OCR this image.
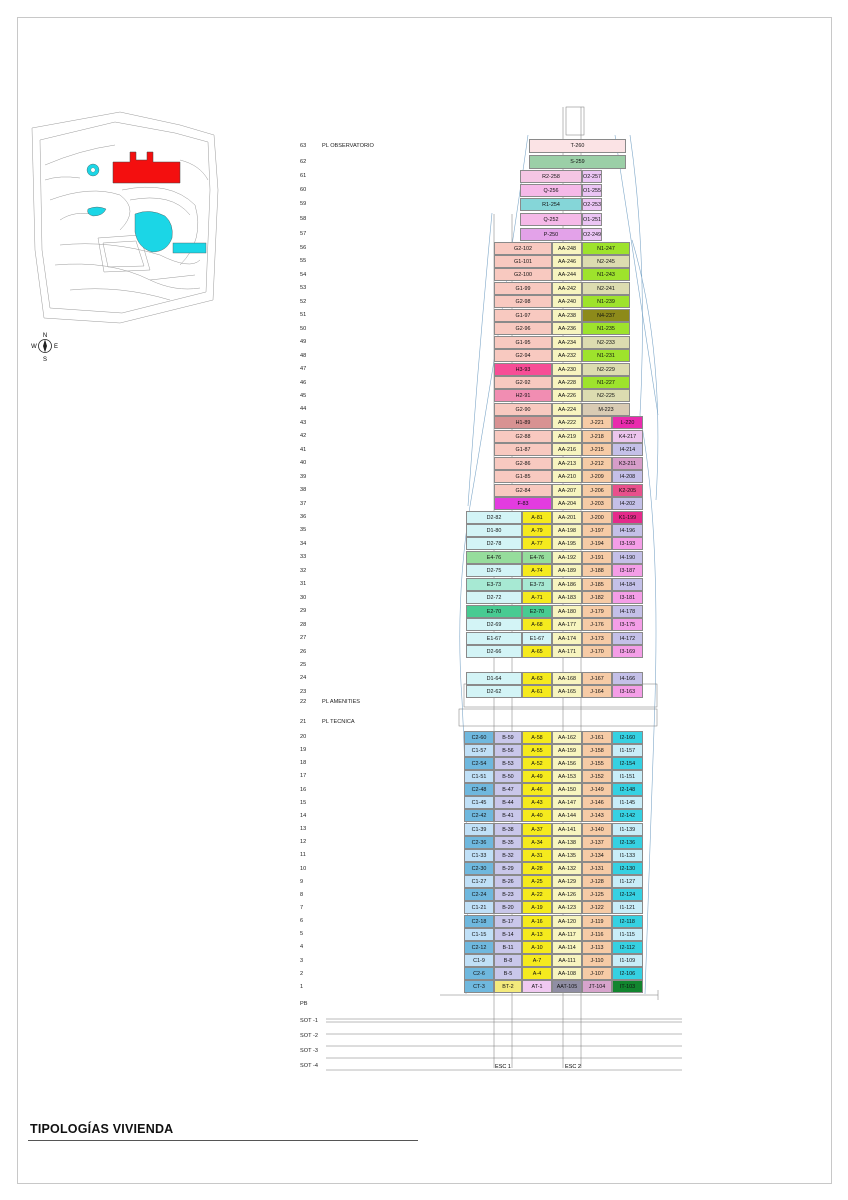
N
S
E
W
ESC 1	ESC 2
63	PL OBSERVATORIO
62
61
60
59
58
57
56
55
54
53
52
51
50
49
48
47
46
45
44
43
42
41
40
39
38
37
36
35
34
33
32
31
30
29
28
27
26
25
24
23
22	PL AMENITIES
21	PL TECNICA
20
19
18
17
16
15
14
13
12
11
10
9
8
7
6
5
4
3
2
1
PB
SOT -1
SOT -2
SOT -3
SOT -4
T-260
S-259
R2-258	O2-257
Q-256	O1-255
R1-254	O2-253
Q-252	O1-251
P-250	O2-249
G2-102	AA-248	N1-247
G1-101	AA-246	N2-245
G2-100	AA-244	N1-243
G1-99	AA-242	N2-241
G2-98	AA-240	N1-239
G1-97	AA-238	N4-237
G2-96	AA-236	N1-235
G1-95	AA-234	N2-233
G2-94	AA-232	N1-231
H3-93	AA-230	N2-229
G2-92	AA-228	N1-227
H2-91	AA-226	N2-225
G2-90	AA-224	M-223
H1-89	AA-222	J-221	L-220
G2-88	AA-219	J-218	K4-217
G1-87	AA-216	J-215	I4-214
G2-86	AA-213	J-212	K3-211
G1-85	AA-210	J-209	I4-208
G2-84	AA-207	J-206	K2-205
F-83	AA-204	J-203	I4-202
D2-82	A-81	AA-201	J-200	K1-199
D1-80	A-79	AA-198	J-197	I4-196
D2-78	A-77	AA-195	J-194	I3-193
E4-76	E4-76	AA-192	J-191	I4-190
D2-75	A-74	AA-189	J-188	I3-187
E3-73	E3-73	AA-186	J-185	I4-184
D2-72	A-71	AA-183	J-182	I3-181
E2-70	E2-70	AA-180	J-179	I4-178
D2-69	A-68	AA-177	J-176	I3-175
E1-67	E1-67	AA-174	J-173	I4-172
D2-66	A-65	AA-171	J-170	I3-169
D1-64	A-63	AA-168	J-167	I4-166
D2-62	A-61	AA-165	J-164	I3-163
C2-60	B-59	A-58	AA-162	J-161	I2-160
C1-57	B-56	A-55	AA-159	J-158	I1-157
C2-54	B-53	A-52	AA-156	J-155	I2-154
C1-51	B-50	A-49	AA-153	J-152	I1-151
C2-48	B-47	A-46	AA-150	J-149	I2-148
C1-45	B-44	A-43	AA-147	J-146	I1-145
C2-42	B-41	A-40	AA-144	J-143	I2-142
C1-39	B-38	A-37	AA-141	J-140	I1-139
C2-36	B-35	A-34	AA-138	J-137	I2-136
C1-33	B-32	A-31	AA-135	J-134	I1-133
C2-30	B-29	A-28	AA-132	J-131	I2-130
C1-27	B-26	A-25	AA-129	J-128	I1-127
C2-24	B-23	A-22	AA-126	J-125	I2-124
C1-21	B-20	A-19	AA-123	J-122	I1-121
C2-18	B-17	A-16	AA-120	J-119	I2-118
C1-15	B-14	A-13	AA-117	J-116	I1-115
C2-12	B-11	A-10	AA-114	J-113	I2-112
C1-9	B-8	A-7	AA-111	J-110	I1-109
C2-6	B-5	A-4	AA-108	J-107	I2-106
CT-3	BT-2	AT-1	AAT-105	JT-104	IT-103
TIPOLOGÍAS VIVIENDA
